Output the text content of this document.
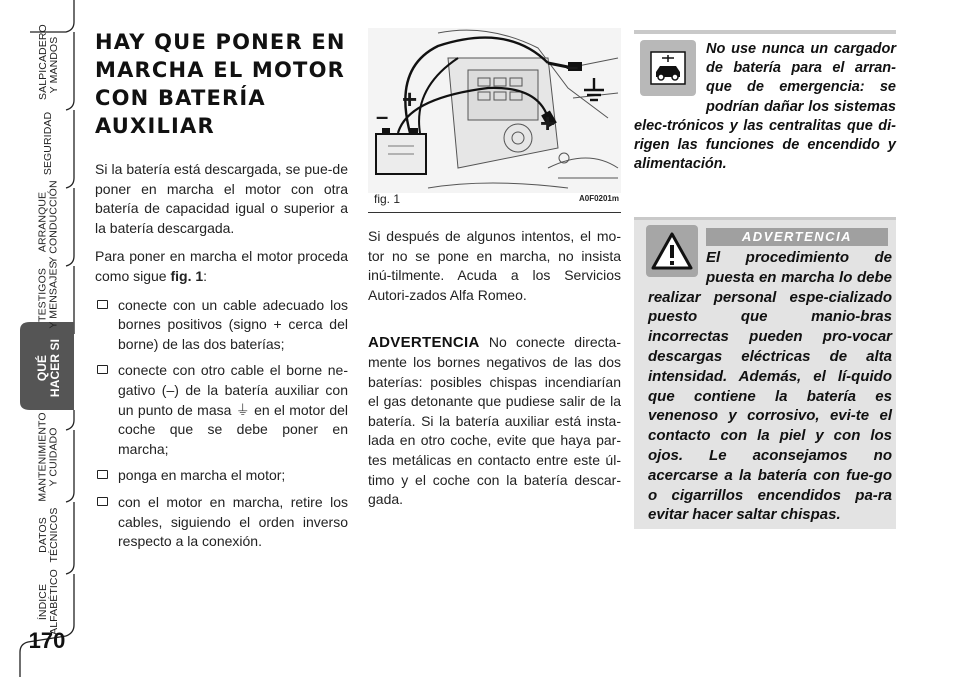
SALPICADERO
Y MANDOS
SEGURIDAD
ARRANQUE
Y CONDUCCIÓN
TESTIGOS
Y MENSAJES
QUÉ
HACER SI
MANTENIMIENTO
Y CUIDADO
DATOS
TÉCNICOS
ÍNDICE
ALFABÉTICO
170
HAY QUE PONER EN
MARCHA EL MOTOR
CON BATERÍA
AUXILIAR

Si la batería está descargada, se pue-de poner en marcha el motor con otra batería de capacidad igual o superior a la batería descargada.

Para poner en marcha el motor proceda como sigue fig. 1:

conecte con un cable adecuado los bornes positivos (signo + cerca del borne) de las dos baterías;
conecte con otro cable el borne ne-gativo (–) de la batería auxiliar con un punto de masa ⏚ en el motor del coche que se debe poner en marcha;
ponga en marcha el motor;
con el motor en marcha, retire los cables, siguiendo el orden inverso respecto a la conexión.
–
+
–
+
fig. 1	A0F0201m

Si después de algunos intentos, el mo-tor no se pone en marcha, no insista inú-tilmente. Acuda a los Servicios Autori-zados Alfa Romeo.

ADVERTENCIA No conecte directa-mente los bornes negativos de las dos baterías: posibles chispas incendiarían el gas detonante que pudiese salir de la batería. Si la batería auxiliar está insta-lada en otro coche, evite que haya par-tes metálicas en contacto entre este úl-timo y el coche con la batería descar-gada.

No use nunca un cargador de batería para el arran-que de emergencia: se podrían dañar los sistemas elec-trónicos y las centralitas que di-rigen las funciones de encendido y alimentación.

ADVERTENCIA

El procedimiento de puesta en marcha lo debe realizar personal espe-cializado puesto que manio-bras incorrectas pueden pro-vocar descargas eléctricas de alta intensidad. Además, el lí-quido que contiene la batería es venenoso y corrosivo, evi-te el contacto con la piel y con los ojos. Le aconsejamos no acercarse a la batería con fue-go o cigarrillos encendidos pa-ra evitar hacer saltar chispas.
